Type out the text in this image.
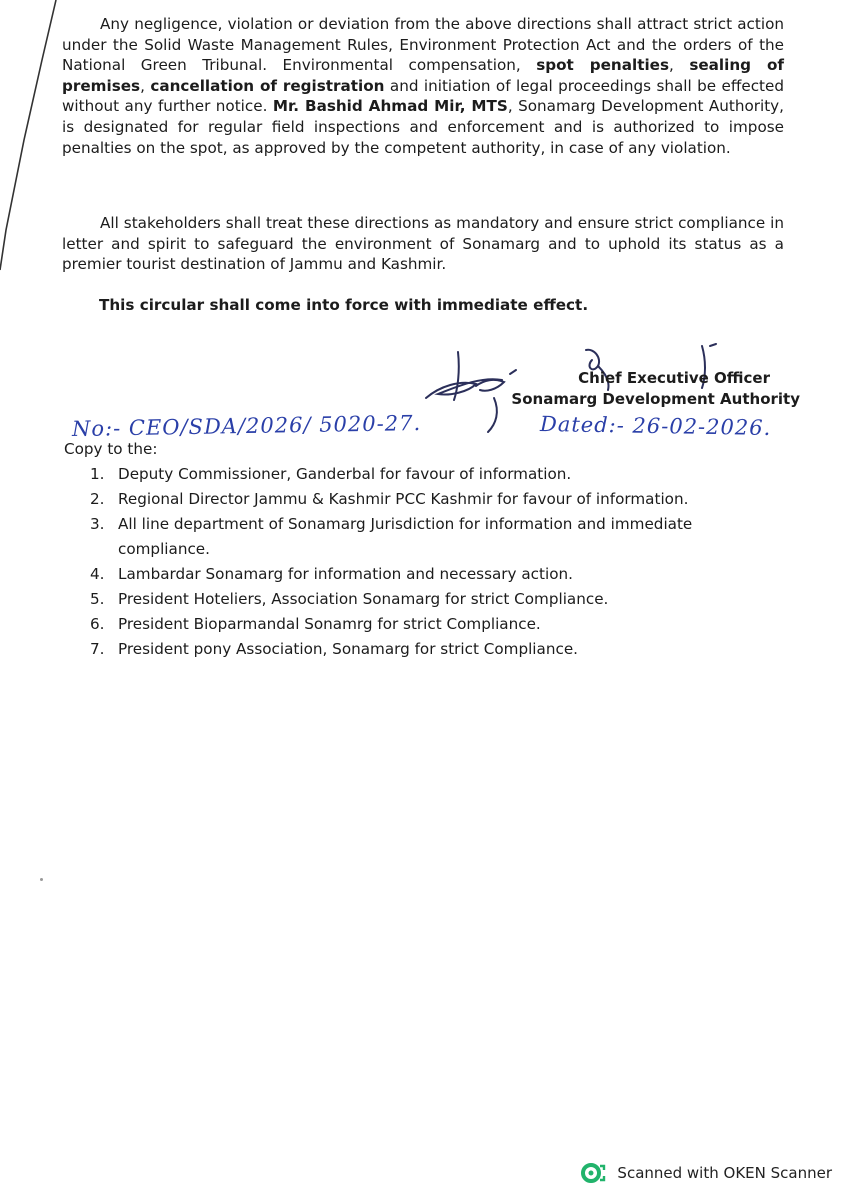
Any negligence, violation or deviation from the above directions shall attract strict action under the Solid Waste Management Rules, Environment Protection Act and the orders of the National Green Tribunal. Environmental compensation, spot penalties, sealing of premises, cancellation of registration and initiation of legal proceedings shall be effected without any further notice. Mr. Bashid Ahmad Mir, MTS, Sonamarg Development Authority, is designated for regular field inspections and enforcement and is authorized to impose penalties on the spot, as approved by the competent authority, in case of any violation.

All stakeholders shall treat these directions as mandatory and ensure strict compliance in letter and spirit to safeguard the environment of Sonamarg and to uphold its status as a premier tourist destination of Jammu and Kashmir.

This circular shall come into force with immediate effect.

Chief Executive Officer
Sonamarg Development Authority
No:- CEO/SDA/2026/ 5020-27.	Dated:- 26-02-2026.

Copy to the:

1. Deputy Commissioner, Ganderbal for favour of information.
2. Regional Director Jammu & Kashmir PCC Kashmir for favour of information.
3. All line department of Sonamarg Jurisdiction for information and immediate compliance.
4. Lambardar Sonamarg for information and necessary action.
5. President Hoteliers, Association Sonamarg for strict Compliance.
6. President Bioparmandal Sonamrg for strict Compliance.
7. President pony Association, Sonamarg for strict Compliance.
Scanned with OKEN Scanner
